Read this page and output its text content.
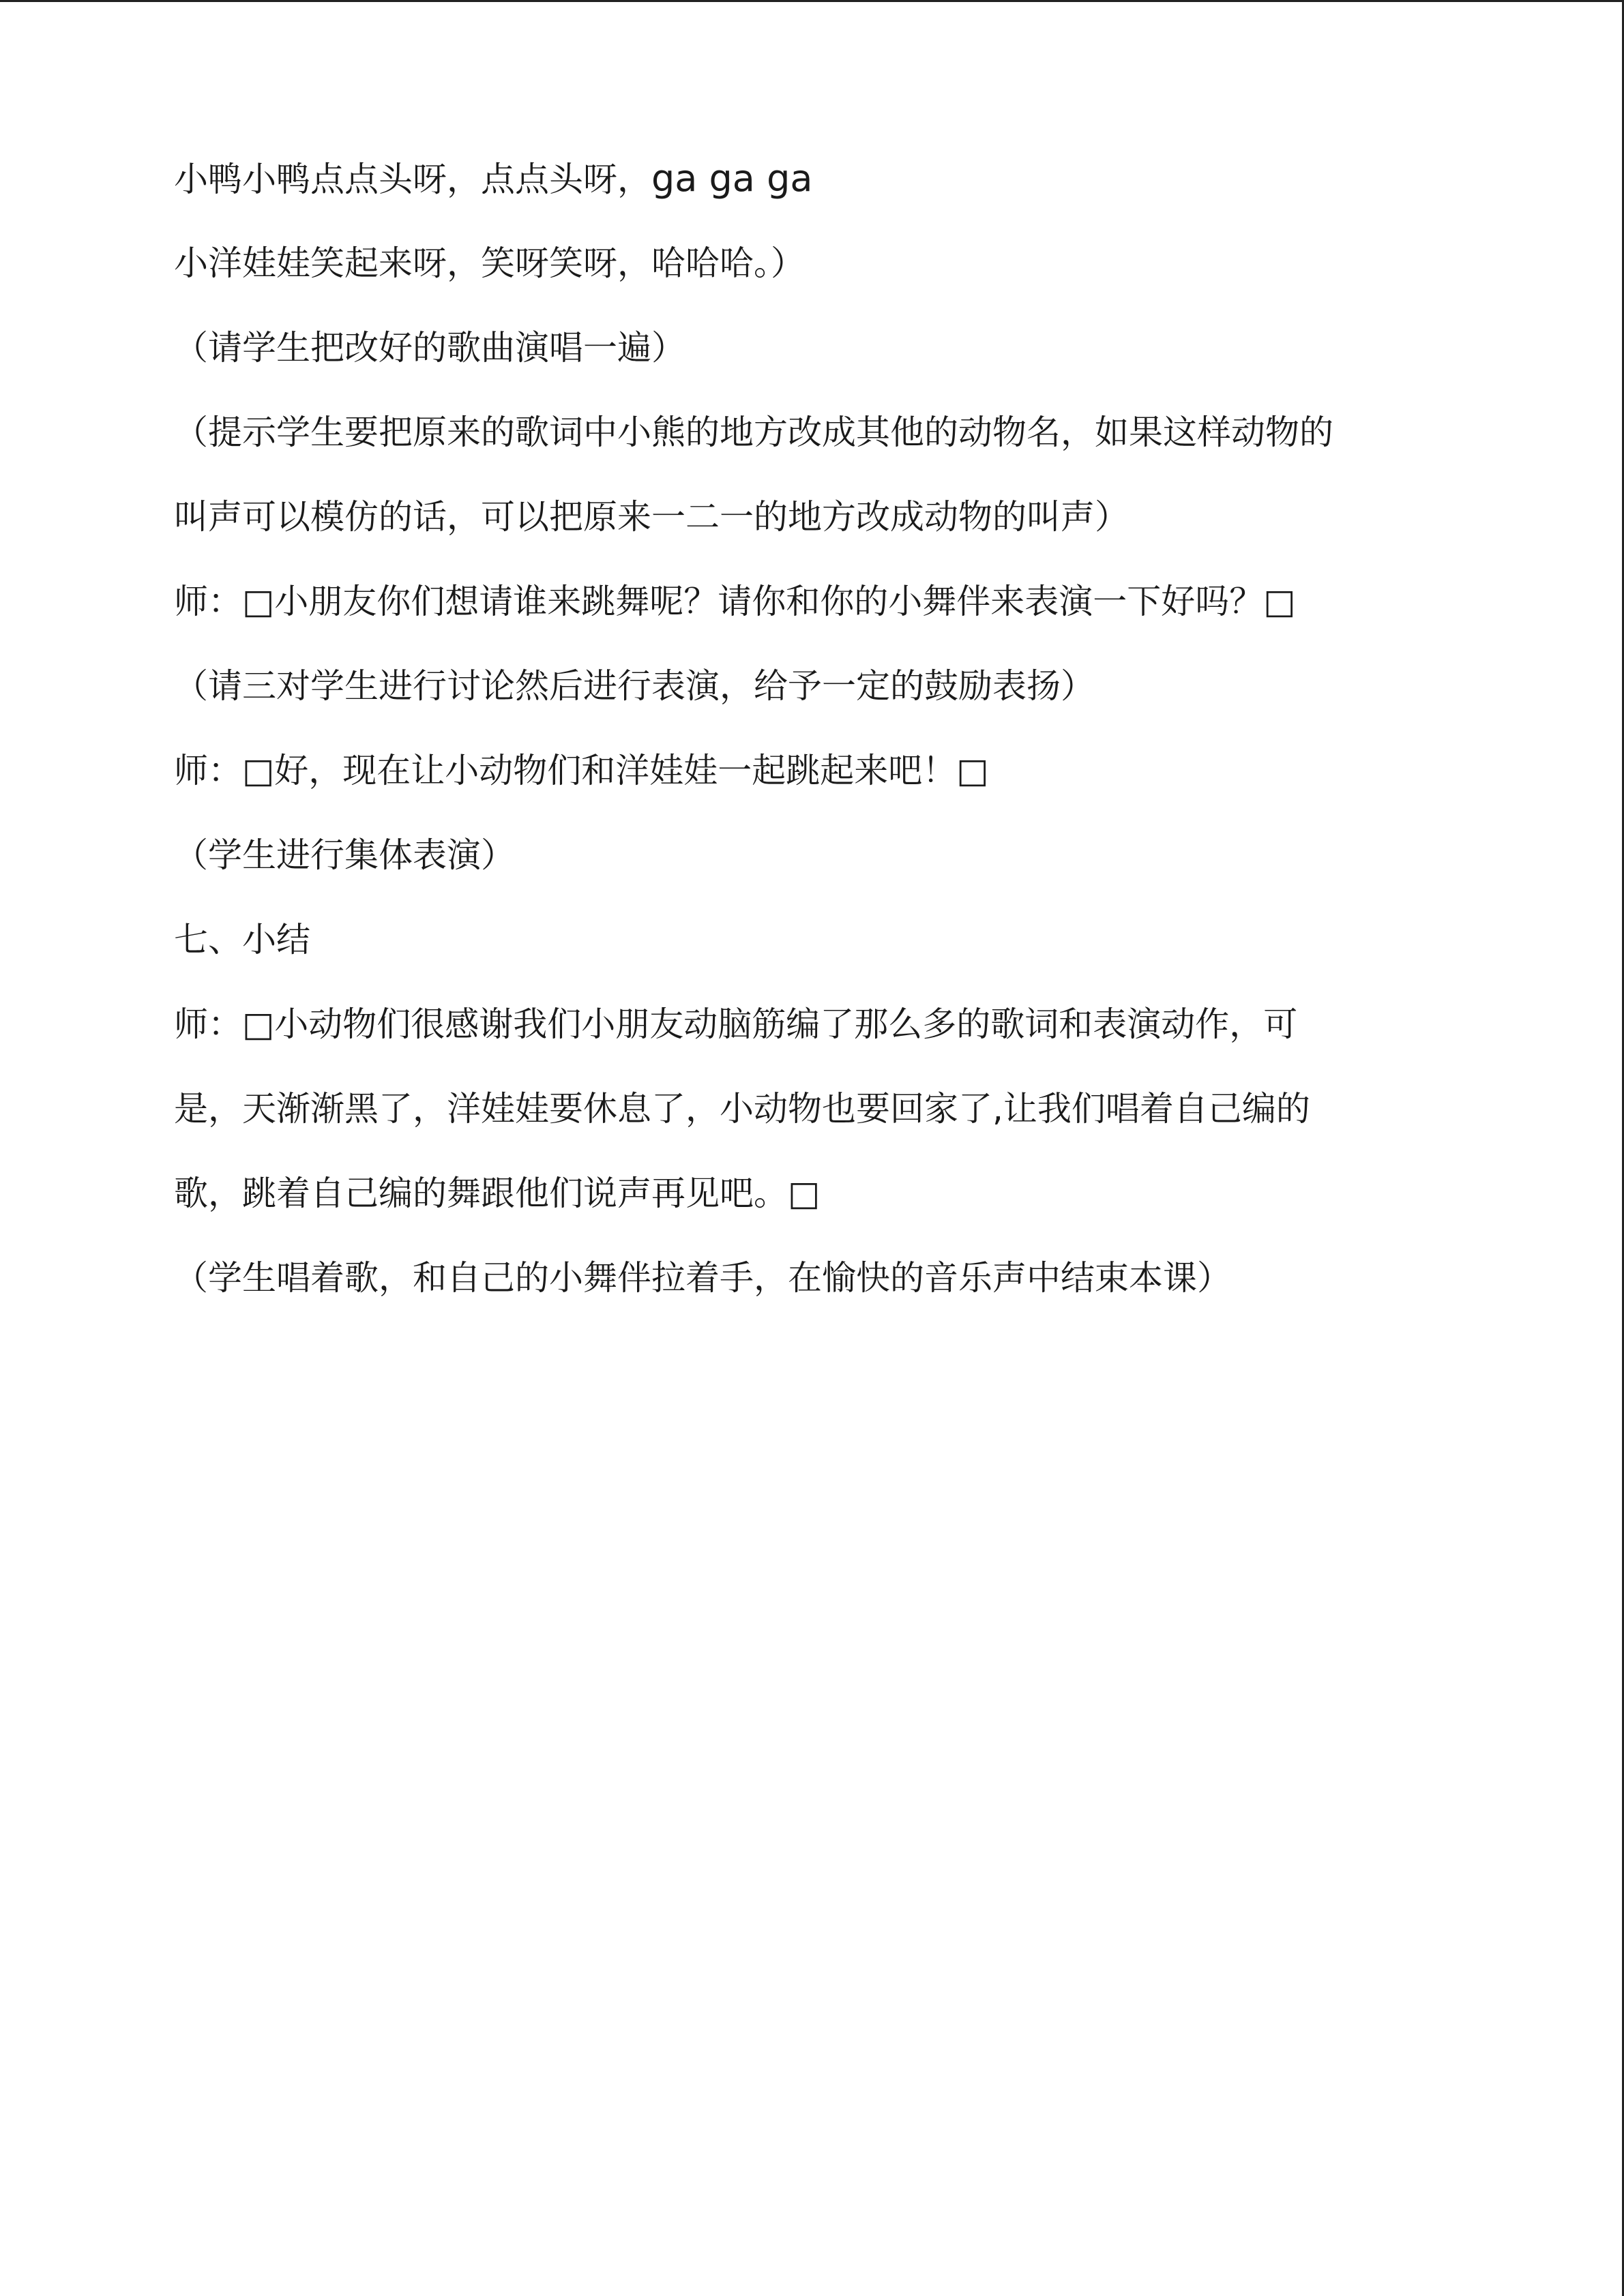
小鸭小鸭点点头呀，点点头呀，ga ga ga
小洋娃娃笑起来呀，笑呀笑呀，哈哈哈。）
（请学生把改好的歌曲演唱一遍）
（提示学生要把原来的歌词中小熊的地方改成其他的动物名，如果这样动物的
叫声可以模仿的话，可以把原来一二一的地方改成动物的叫声）
师：□小朋友你们想请谁来跳舞呢？请你和你的小舞伴来表演一下好吗？□
（请三对学生进行讨论然后进行表演，给予一定的鼓励表扬）
师：□好，现在让小动物们和洋娃娃一起跳起来吧！□
（学生进行集体表演）
七、小结
师：□小动物们很感谢我们小朋友动脑筋编了那么多的歌词和表演动作，可
是，天渐渐黑了，洋娃娃要休息了，小动物也要回家了,让我们唱着自己编的
歌，跳着自己编的舞跟他们说声再见吧。□
（学生唱着歌，和自己的小舞伴拉着手，在愉快的音乐声中结束本课）
